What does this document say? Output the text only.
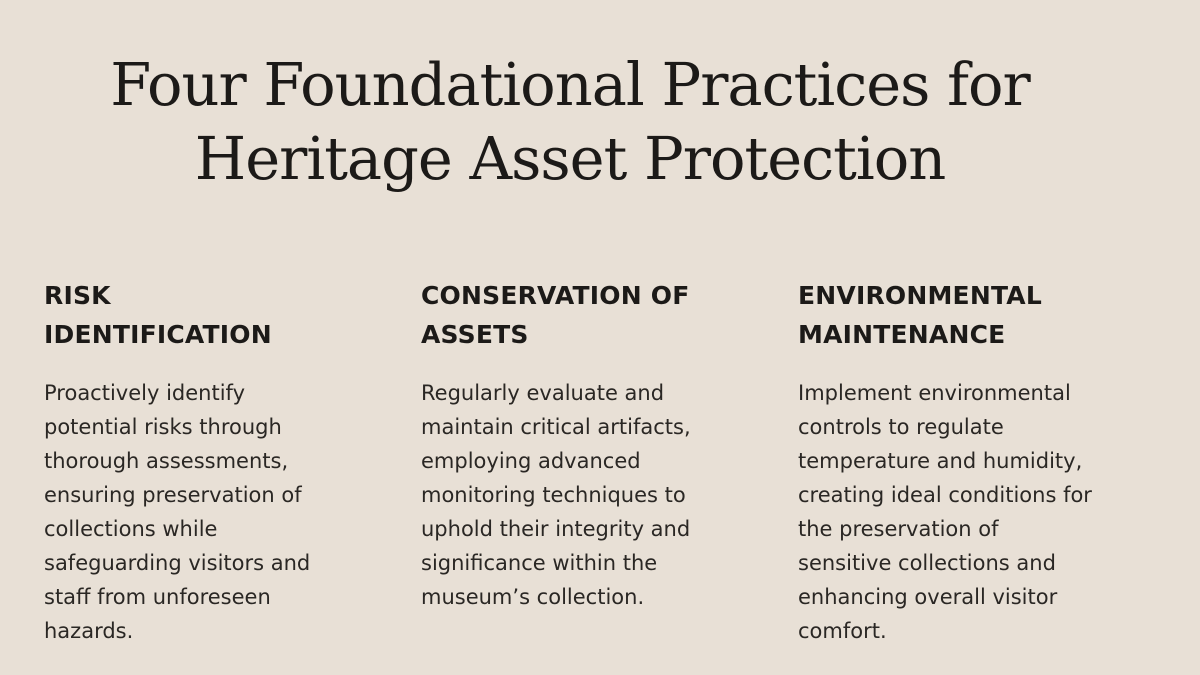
Four Foundational Practices for Heritage Asset Protection
RISK IDENTIFICATION

Proactively identify potential risks through thorough assessments, ensuring preservation of collections while safeguarding visitors and staff from unforeseen hazards.

CONSERVATION OF ASSETS

Regularly evaluate and maintain critical artifacts, employing advanced monitoring techniques to uphold their integrity and significance within the museum’s collection.

ENVIRONMENTAL MAINTENANCE

Implement environmental controls to regulate temperature and humidity, creating ideal conditions for the preservation of sensitive collections and enhancing overall visitor comfort.
